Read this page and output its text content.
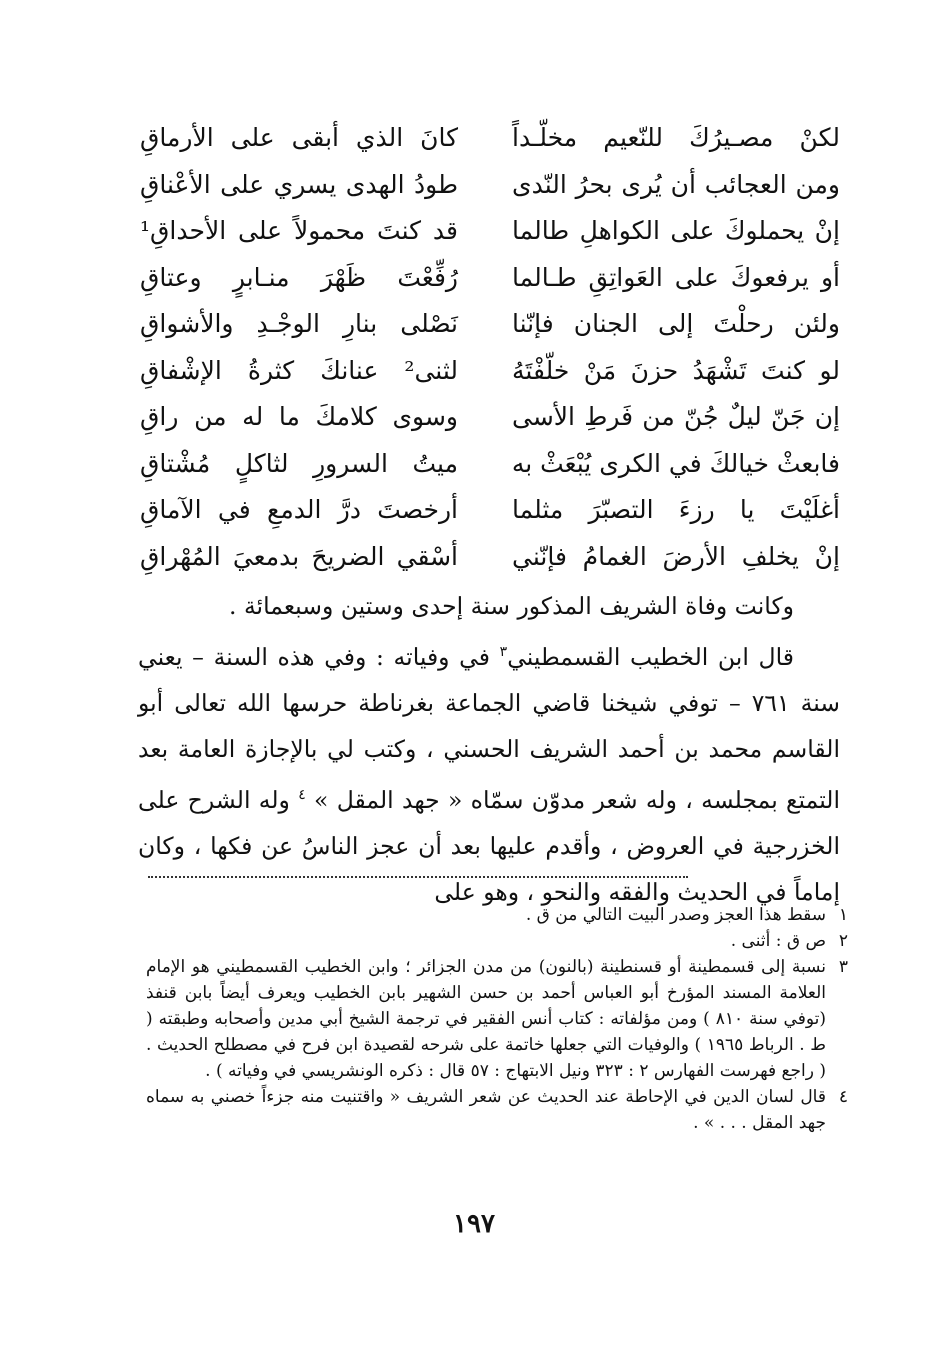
لكنْ مصـيرُكَ للنّعيم مخلّـداً
كانَ الذي أبقى على الأرماقِ
ومن العجائب أن يُرى بحرُ النّدى
طودُ الهدى يسري على الأعْناقِ
إنْ يحملوكَ على الكواهلِ طالما
قد كنتَ محمولاً على الأحداقِ¹
أو يرفعوكَ على العَواتِقِ طـالما
رُفِّعْتَ ظَهْرَ منـابرٍ وعتاقِ
ولئن رحلْتَ إلى الجنان فإنّنا
نَصْلى بنارِ الوجْـدِ والأشواقِ
لو كنتَ تَشْهَدُ حزنَ مَنْ خلّفْتَهُ
لثنى² عنانكَ كثرةُ الإشْفاقِ
إن جَنّ ليلٌ جُنّ من فَرطِ الأسى
وسوى كلامكَ ما له من راقِ
فابعثْ خيالكَ في الكرى يُبْعَثْ به
ميتُ السرورِ لثاكلٍ مُشْتاقِ
أغلَيْتَ يا رزءَ التصبّرَ مثلما
أرخصتَ درَّ الدمعِ في الآماقِ
إنْ يخلفِ الأرضَ الغمامُ فإنّني
أسْقي الضريحَ بدمعيَ المُهْراقِ

وكانت وفاة الشريف المذكور سنة إحدى وستين وسبعمائة .

قال ابن الخطيب القسمطيني$^٣$ في وفياته : وفي هذه السنة – يعني سنة ٧٦١ – توفي شيخنا قاضي الجماعة بغرناطة حرسها الله تعالى أبو القاسم محمد بن أحمد الشريف الحسني ، وكتب لي بالإجازة العامة بعد التمتع بمجلسه ، وله شعر مدوّن سمّاه « جهد المقل » $^٤$ وله الشرح على الخزرجية في العروض ، وأقدم عليها بعد أن عجز الناسُ عن فكها ، وكان إماماً في الحديث والفقه والنحو ، وهو على

١
سقط هذا العجز وصدر البيت التالي من ق .
٢
ص ق : أثنى .
٣
نسبة إلى قسمطينة أو قسنطينة (بالنون) من مدن الجزائر ؛ وابن الخطيب القسمطيني هو الإمام العلامة المسند المؤرخ أبو العباس أحمد بن حسن الشهير بابن الخطيب ويعرف أيضاً بابن قنفذ (توفي سنة ٨١٠ ) ومن مؤلفاته : كتاب أنس الفقير في ترجمة الشيخ أبي مدين وأصحابه وطبقته ( ط . الرباط ١٩٦٥ ) والوفيات التي جعلها خاتمة على شرحه لقصيدة ابن فرح في مصطلح الحديث . ( راجع فهرست الفهارس ٢ : ٣٢٣ ونيل الابتهاج : ٥٧ قال : ذكره الونشريسي في وفياته ) .
٤
قال لسان الدين في الإحاطة عند الحديث عن شعر الشريف « واقتنيت منه جزءاً خصني به سماه جهد المقل . . . » .
١٩٧
